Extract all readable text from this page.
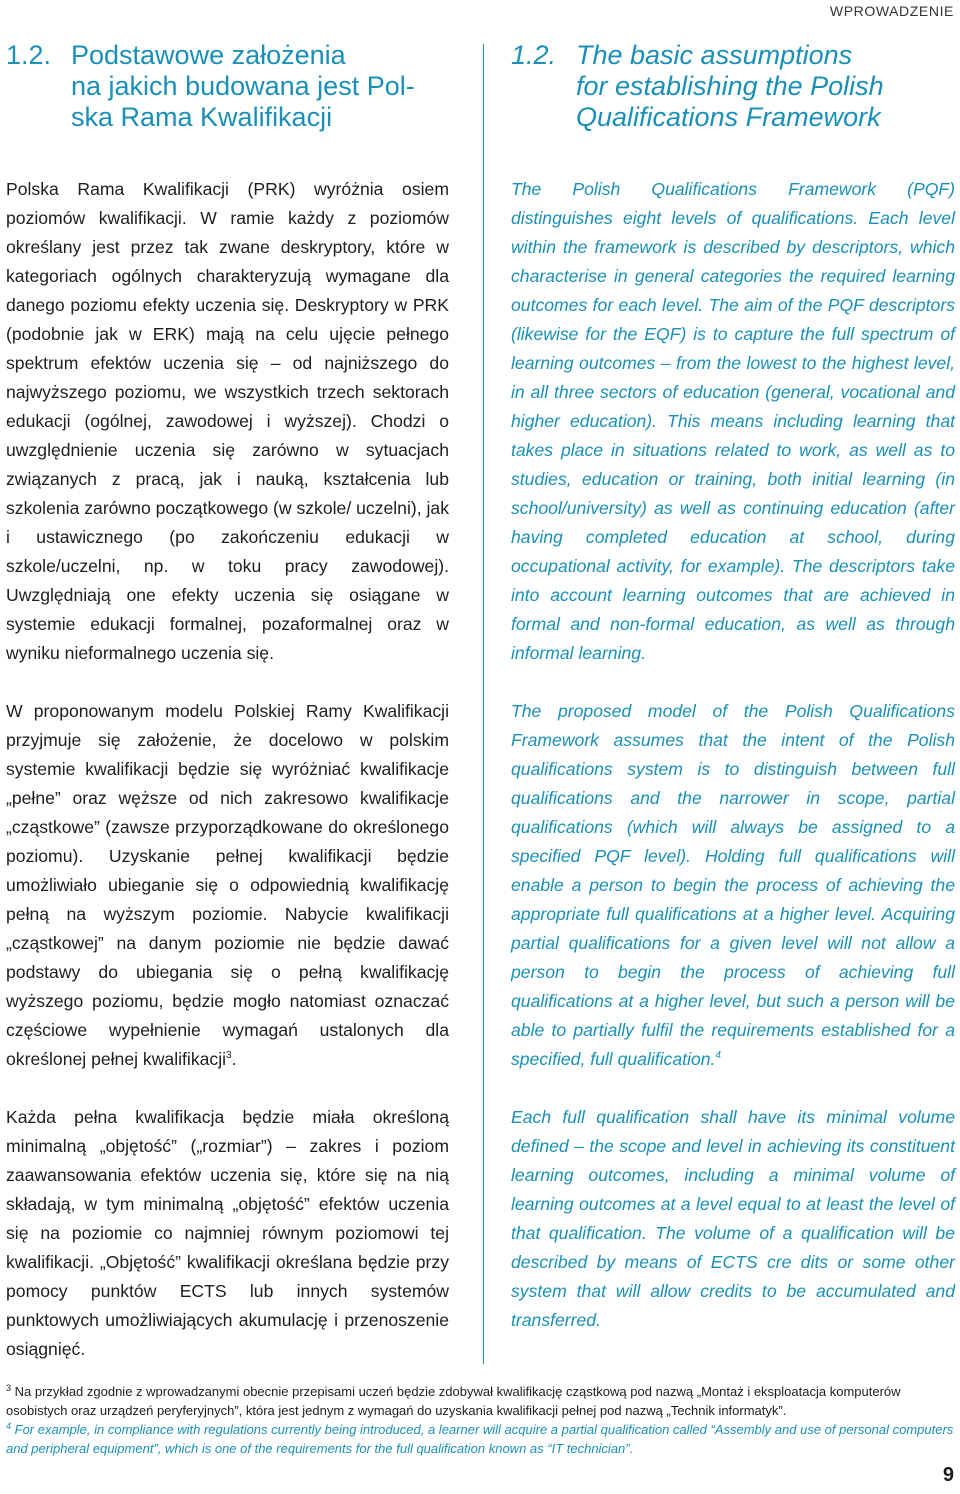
WPROWADZENIE
1.2. Podstawowe założenia
na jakich budowana jest Pol-
ska Rama Kwalifikacji

Polska Rama Kwalifikacji (PRK) wyróżnia osiem poziomów kwalifikacji. W ramie każdy z poziomów określany jest przez tak zwane deskryptory, które w kategoriach ogólnych charakteryzują wymagane dla danego poziomu efekty uczenia się. Deskryptory w PRK (podobnie jak w ERK) mają na celu ujęcie pełnego spektrum efektów uczenia się – od najniższego do najwyższego poziomu, we wszystkich trzech sektorach edukacji (ogólnej, zawodowej i wyższej). Chodzi o uwzględnienie uczenia się zarówno w sytuacjach związanych z pracą, jak i nauką, kształcenia lub szkolenia zarówno początkowego (w szkole/ uczelni), jak i ustawicznego (po zakończeniu edukacji w szkole/uczelni, np. w toku pracy zawodowej). Uwzględniają one efekty uczenia się osiągane w systemie edukacji formalnej, pozaformalnej oraz w wyniku nieformalnego uczenia się.

W proponowanym modelu Polskiej Ramy Kwalifikacji przyjmuje się założenie, że docelowo w polskim systemie kwalifikacji będzie się wyróżniać kwalifikacje „pełne” oraz węższe od nich zakresowo kwalifikacje „cząstkowe” (zawsze przyporządkowane do określonego poziomu). Uzyskanie pełnej kwalifikacji będzie umożliwiało ubieganie się o odpowiednią kwalifikację pełną na wyższym poziomie. Nabycie kwalifikacji „cząstkowej” na danym poziomie nie będzie dawać podstawy do ubiegania się o pełną kwalifikację wyższego poziomu, będzie mogło natomiast oznaczać częściowe wypełnienie wymagań ustalonych dla określonej pełnej kwalifikacji$^3$.

Każda pełna kwalifikacja będzie miała określoną minimalną „objętość” („rozmiar”) – zakres i poziom zaawansowania efektów uczenia się, które się na nią składają, w tym minimalną „objętość” efektów uczenia się na poziomie co najmniej równym poziomowi tej kwalifikacji. „Objętość” kwalifikacji określana będzie przy pomocy punktów ECTS lub innych systemów punktowych umożliwiających akumulację i przenoszenie osiągnięć.

1.2. The basic assumptions
for establishing the Polish
Qualifications Framework

The Polish Qualifications Framework (PQF) distinguishes eight levels of qualifications. Each level within the framework is described by descriptors, which characterise in general categories the required learning outcomes for each level. The aim of the PQF descriptors (likewise for the EQF) is to capture the full spectrum of learning outcomes – from the lowest to the highest level, in all three sectors of education (general, vocational and higher education). This means including learning that takes place in situations related to work, as well as to studies, education or training, both initial learning (in school/university) as well as continuing education (after having completed education at school, during occupational activity, for example). The descriptors take into account learning outcomes that are achieved in formal and non-formal education, as well as through informal learning.

The proposed model of the Polish Qualifications Framework assumes that the intent of the Polish qualifications system is to distinguish between full qualifications and the narrower in scope, partial qualifications (which will always be assigned to a specified PQF level). Holding full qualifications will enable a person to begin the process of achieving the appropriate full qualifications at a higher level. Acquiring partial qualifications for a given level will not allow a person to begin the process of achieving full qualifications at a higher level, but such a person will be able to partially fulfil the requirements established for a specified, full qualification.$^4$

Each full qualification shall have its minimal volume defined – the scope and level in achieving its constituent learning outcomes, including a minimal volume of learning outcomes at a level equal to at least the level of that qualification. The volume of a qualification will be described by means of ECTS cre dits or some other system that will allow credits to be accumulated and transferred.

$^3$ Na przykład zgodnie z wprowadzanymi obecnie przepisami uczeń będzie zdobywał kwalifikację cząstkową pod nazwą „Montaż i eksploatacja komputerów osobistych oraz urządzeń peryferyjnych”, która jest jednym z wymagań do uzyskania kwalifikacji pełnej pod nazwą „Technik informatyk”.

$^4$ For example, in compliance with regulations currently being introduced, a learner will acquire a partial qualification called “Assembly and use of personal computers and peripheral equipment”, which is one of the requirements for the full qualification known as “IT technician”.

9
